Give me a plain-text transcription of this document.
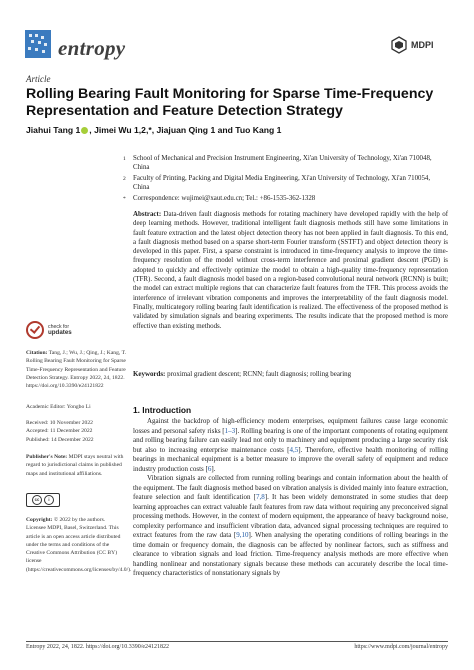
entropy	MDPI
Article
Rolling Bearing Fault Monitoring for Sparse Time-Frequency Representation and Feature Detection Strategy
Jiahui Tang 1 , Jimei Wu 1,2,*, Jiajuan Qing 1 and Tuo Kang 1
1 School of Mechanical and Precision Instrument Engineering, Xi'an University of Technology, Xi'an 710048, China
2 Faculty of Printing, Packing and Digital Media Engineering, Xi'an University of Technology, Xi'an 710054, China
* Correspondence: wujimei@xaut.edu.cn; Tel.: +86-1535-362-1328

Abstract: Data-driven fault diagnosis methods for rotating machinery have developed rapidly with the help of deep learning methods. However, traditional intelligent fault diagnosis methods still have some limitations in fault feature extraction and the latest object detection theory has not been applied in fault diagnosis. To this end, a fault diagnosis method based on a sparse short-term Fourier transform (SSTFT) and object detection theory is developed in this paper. First, a sparse constraint is introduced in time-frequency analysis to improve the time-frequency resolution of the model without cross-term interference and proximal gradient descent (PGD) is adopted to quickly and effectively optimize the model to obtain a high-quality time-frequency representation (TFR). Second, a fault diagnosis model based on a region-based convolutional neural network (RCNN) is built; the model can extract multiple regions that can characterize fault features from the TFR. This process avoids the interference of irrelevant vibration components and improves the interpretability of the fault diagnosis model. Finally, multicategory rolling bearing fault identification is realized. The effectiveness of the proposed method is validated by simulation signals and bearing experiments. The results indicate that the proposed method is more effective than existing methods.

Keywords: proximal gradient descent; RCNN; fault diagnosis; rolling bearing
check for
updates
Citation: Tang, J.; Wu, J.; Qing, J.; Kang, T. Rolling Bearing Fault Monitoring for Sparse Time-Frequency Representation and Feature Detection Strategy. Entropy 2022, 24, 1822. https://doi.org/10.3390/e24121822
Academic Editor: Yongbo Li
Received: 10 November 2022
Accepted: 11 December 2022
Published: 14 December 2022
Publisher's Note: MDPI stays neutral with regard to jurisdictional claims in published maps and institutional affiliations.
cc	i
Copyright: © 2022 by the authors. Licensee MDPI, Basel, Switzerland. This article is an open access article distributed under the terms and conditions of the Creative Commons Attribution (CC BY) license (https://creativecommons.org/licenses/by/4.0/).
1. Introduction

Against the backdrop of high-efficiency modern enterprises, equipment failures cause large economic losses and personal safety risks [1–3]. Rolling bearing is one of the important components of rotating equipment and rolling bearing failure can easily lead not only to machinery and equipment producing a large security risk but also to increasing enterprise maintenance costs [4,5]. Therefore, effective health monitoring of rolling bearings in mechanical equipment is a better measure to improve the overall safety of equipment and reduce industry production costs [6].

Vibration signals are collected from running rolling bearings and contain information about the health of the equipment. The fault diagnosis method based on vibration analysis is divided mainly into feature extraction, feature selection and fault identification [7,8]. It has been widely demonstrated in some studies that deep learning approaches can extract valuable fault features from raw data without requiring any preconceived signal processing methods. However, in the context of modern equipment, the appearance of heavy background noise, complexity performance and insufficient vibration data, advanced signal processing techniques are required to extract features from the raw data [9,10]. When analysing the operating conditions of rolling bearings in the time domain or frequency domain, the diagnosis can be affected by nonlinear factors, such as stiffness and clearance to vibration signals and load friction. Time-frequency analysis methods are more effective when handling nonlinear and nonstationary signals because these methods can accurately describe the local time-frequency characteristics of nonstationary signals by

Entropy 2022, 24, 1822. https://doi.org/10.3390/e24121822	https://www.mdpi.com/journal/entropy
